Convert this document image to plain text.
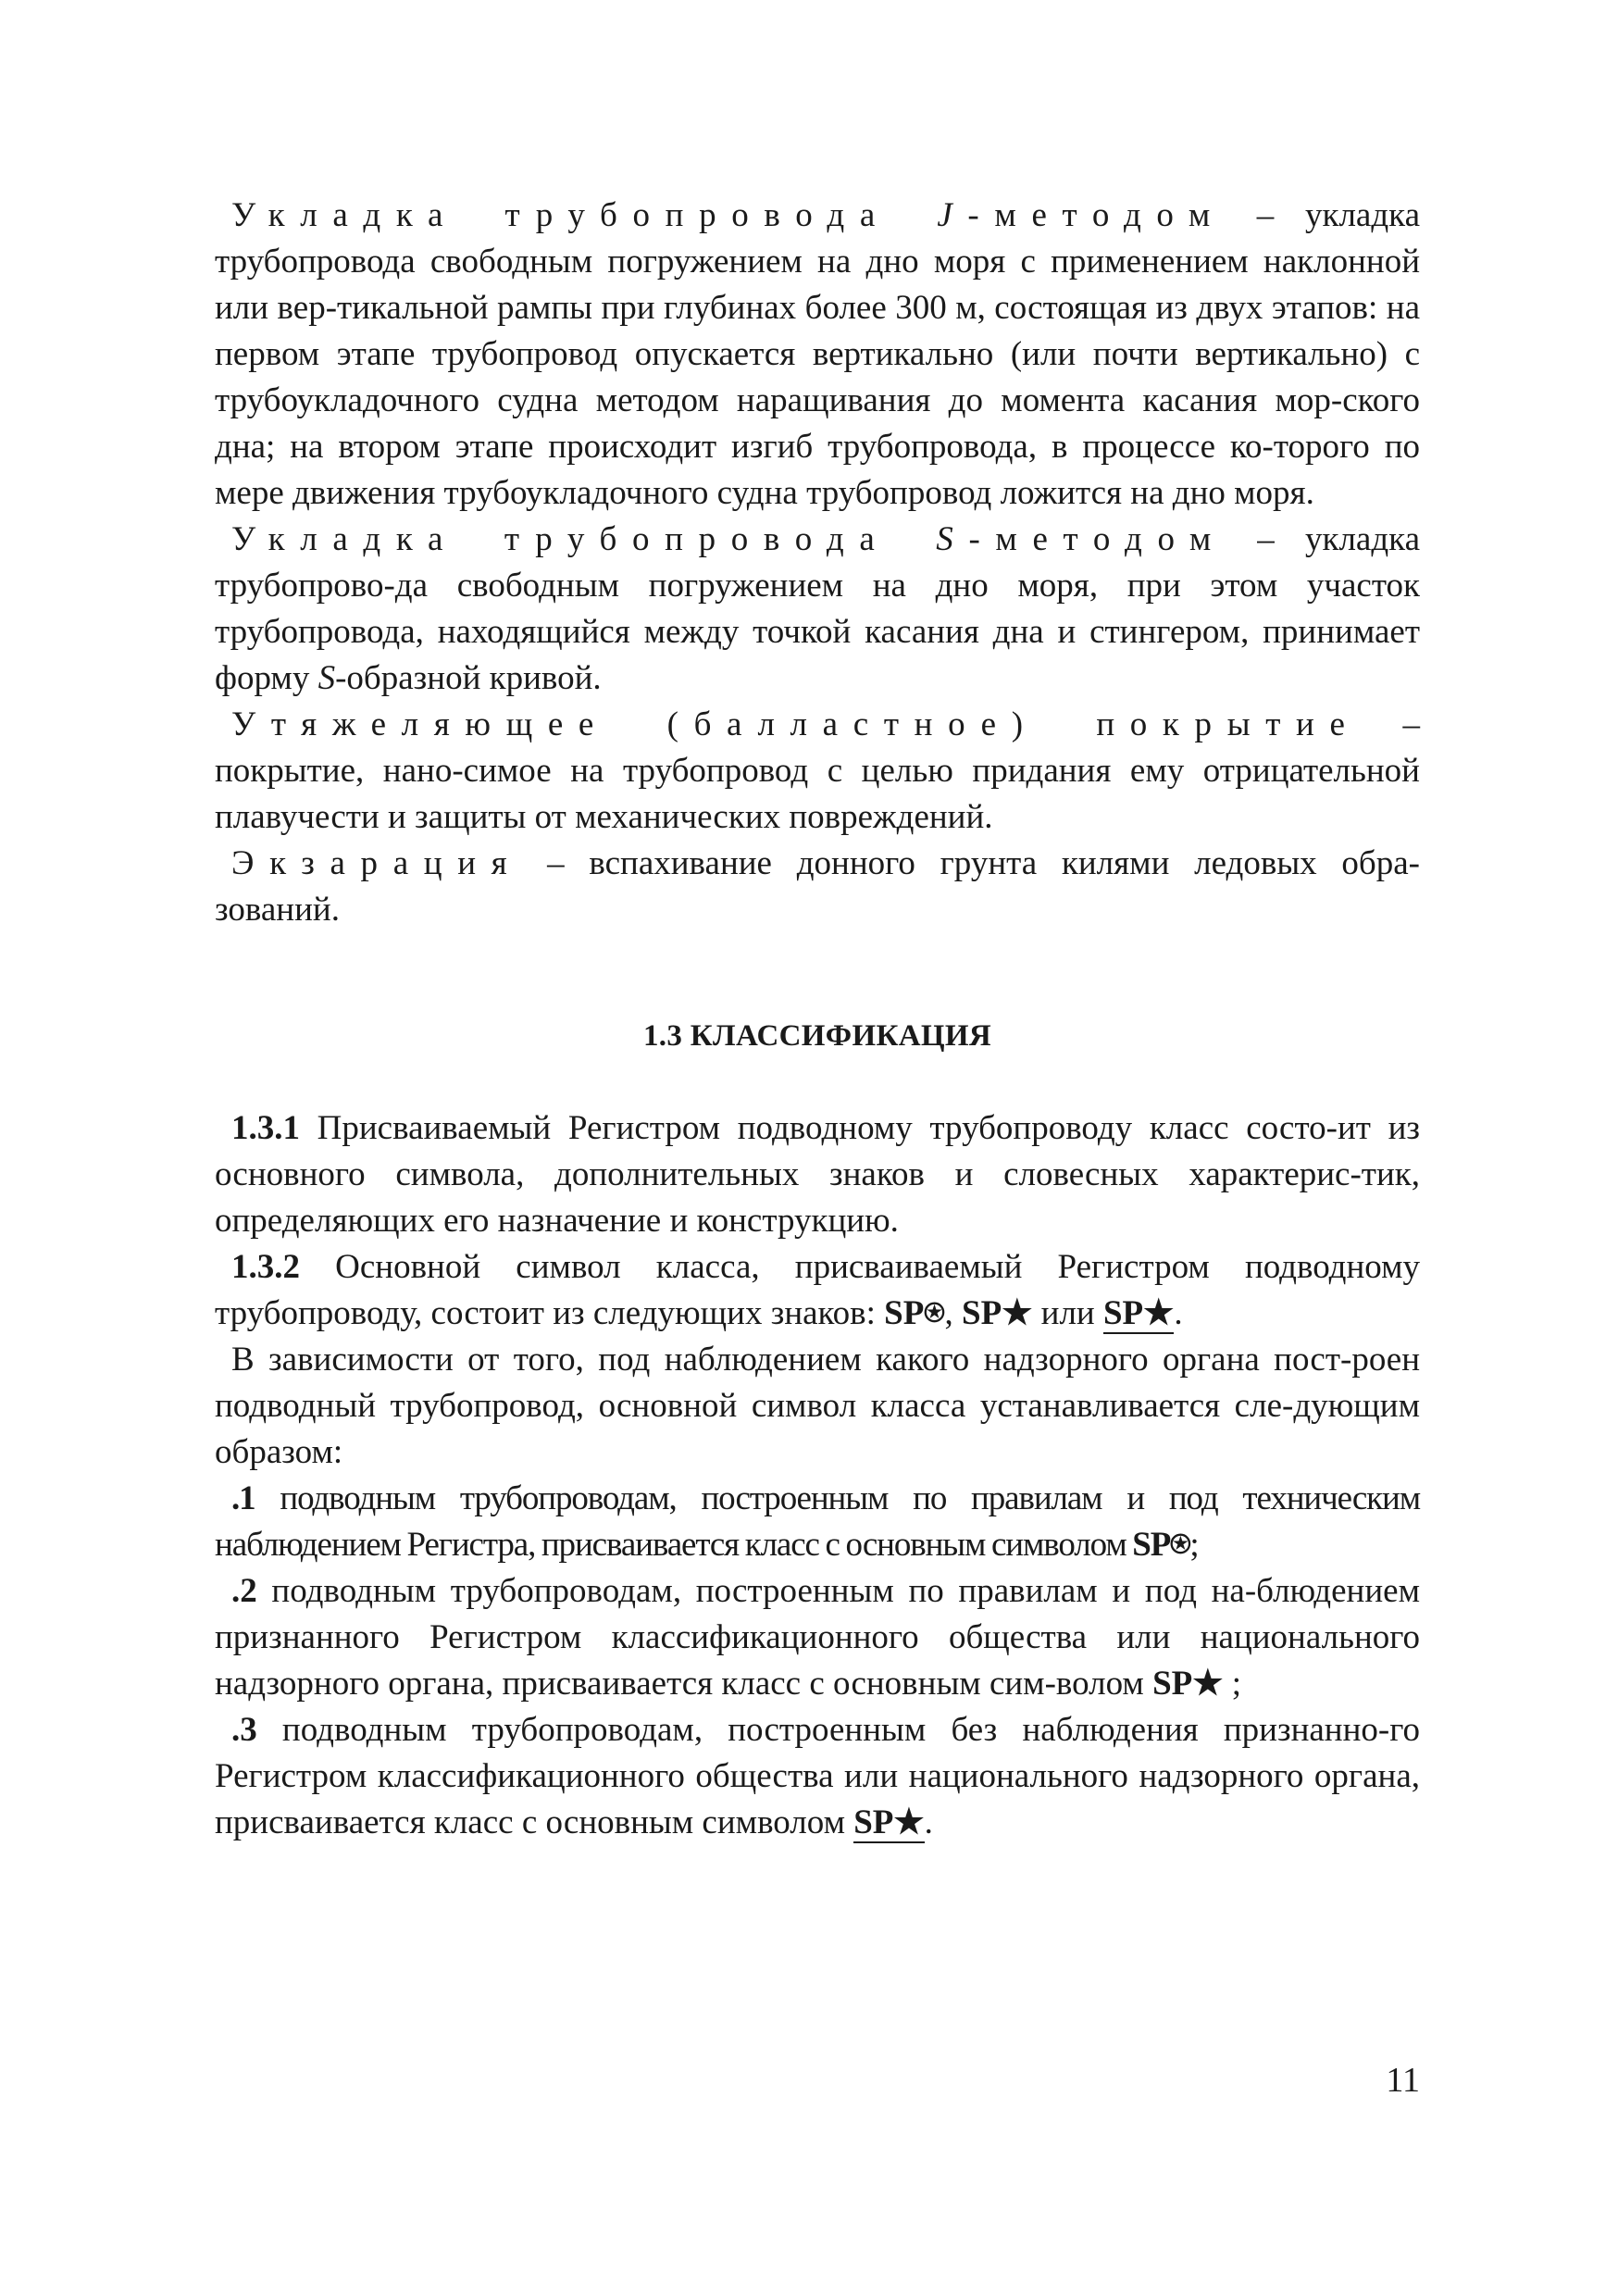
Укладка трубопровода J-методом – укладка трубопровода свободным погружением на дно моря с применением наклонной или вер-тикальной рампы при глубинах более 300 м, состоящая из двух этапов: на первом этапе трубопровод опускается вертикально (или почти вертикально) с трубоукладочного судна методом наращивания до момента касания мор-ского дна; на втором этапе происходит изгиб трубопровода, в процессе ко-торого по мере движения трубоукладочного судна трубопровод ложится на дно моря.

Укладка трубопровода S-методом – укладка трубопрово-да свободным погружением на дно моря, при этом участок трубопровода, находящийся между точкой касания дна и стингером, принимает форму S-образной кривой.

Утяжеляющее (балластное) покрытие – покрытие, нано-симое на трубопровод с целью придания ему отрицательной плавучести и защиты от механических повреждений.

Экзарация – вспахивание донного грунта килями ледовых обра-зований.

1.3 КЛАССИФИКАЦИЯ

1.3.1 Присваиваемый Регистром подводному трубопроводу класс состо-ит из основного символа, дополнительных знаков и словесных характерис-тик, определяющих его назначение и конструкцию.

1.3.2 Основной символ класса, присваиваемый Регистром подводному трубопроводу, состоит из следующих знаков: SP⍟, SP★ или SP★.

В зависимости от того, под наблюдением какого надзорного органа пост-роен подводный трубопровод, основной символ класса устанавливается сле-дующим образом:

.1 подводным трубопроводам, построенным по правилам и под техническим наблюдением Регистра, присваивается класс с основным символом SP⍟;

.2 подводным трубопроводам, построенным по правилам и под на-блюдением признанного Регистром классификационного общества или национального надзорного органа, присваивается класс с основным сим-волом SP★ ;

.3 подводным трубопроводам, построенным без наблюдения признанно-го Регистром классификационного общества или национального надзорного органа, присваивается класс с основным символом SP★.

11
